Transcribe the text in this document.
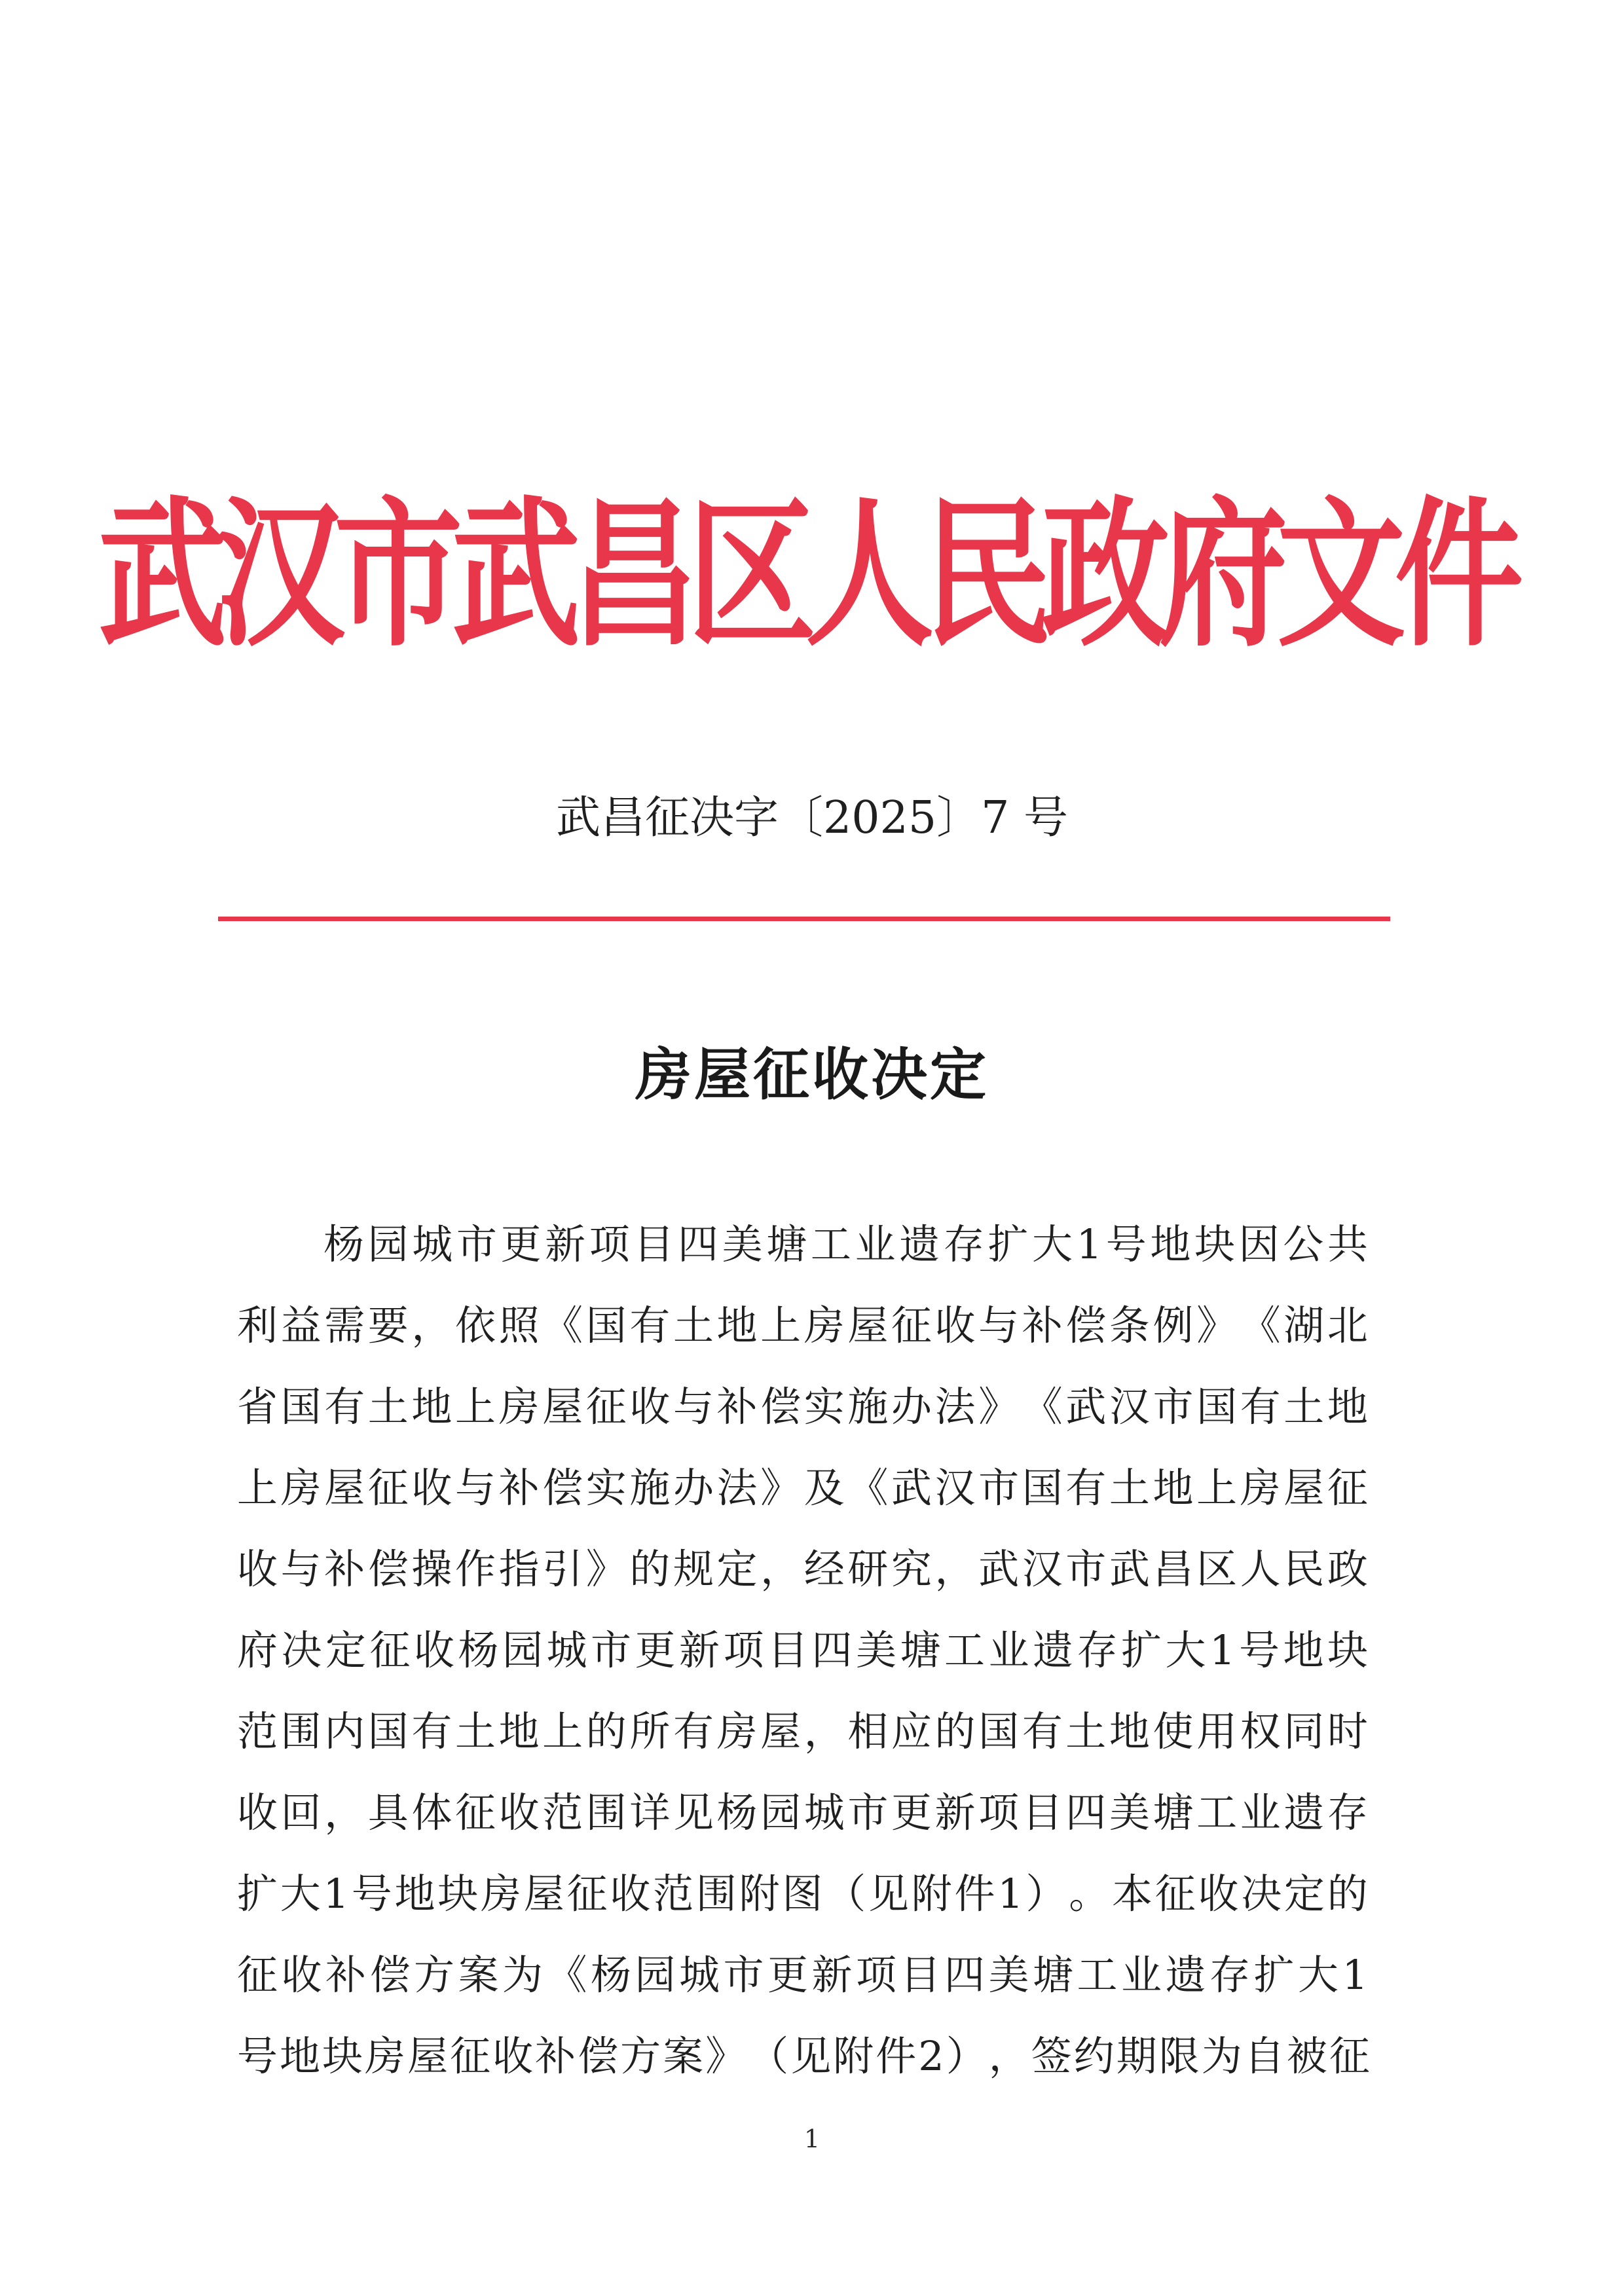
武汉市武昌区人民政府文件
武昌征决字〔2025〕7 号
房屋征收决定
杨 园 城 市 更 新 项 目 四 美 塘 工 业 遗 存 扩 大 1 号 地 块 因 公 共
利 益 需 要 ， 依 照 《 国 有 土 地 上 房 屋 征 收 与 补 偿 条 例 》 《 湖 北
省 国 有 土 地 上 房 屋 征 收 与 补 偿 实 施 办 法 》 《 武 汉 市 国 有 土 地
上 房 屋 征 收 与 补 偿 实 施 办 法 》 及 《 武 汉 市 国 有 土 地 上 房 屋 征
收 与 补 偿 操 作 指 引 》 的 规 定 ， 经 研 究 ， 武 汉 市 武 昌 区 人 民 政
府 决 定 征 收 杨 园 城 市 更 新 项 目 四 美 塘 工 业 遗 存 扩 大 1 号 地 块
范 围 内 国 有 土 地 上 的 所 有 房 屋 ， 相 应 的 国 有 土 地 使 用 权 同 时
收 回 ， 具 体 征 收 范 围 详 见 杨 园 城 市 更 新 项 目 四 美 塘 工 业 遗 存
扩 大 1 号 地 块 房 屋 征 收 范 围 附 图 （ 见 附 件 1 ） 。 本 征 收 决 定 的
征 收 补 偿 方 案 为 《 杨 园 城 市 更 新 项 目 四 美 塘 工 业 遗 存 扩 大 1
号 地 块 房 屋 征 收 补 偿 方 案 》 （ 见 附 件 2 ） ， 签 约 期 限 为 自 被 征
1
